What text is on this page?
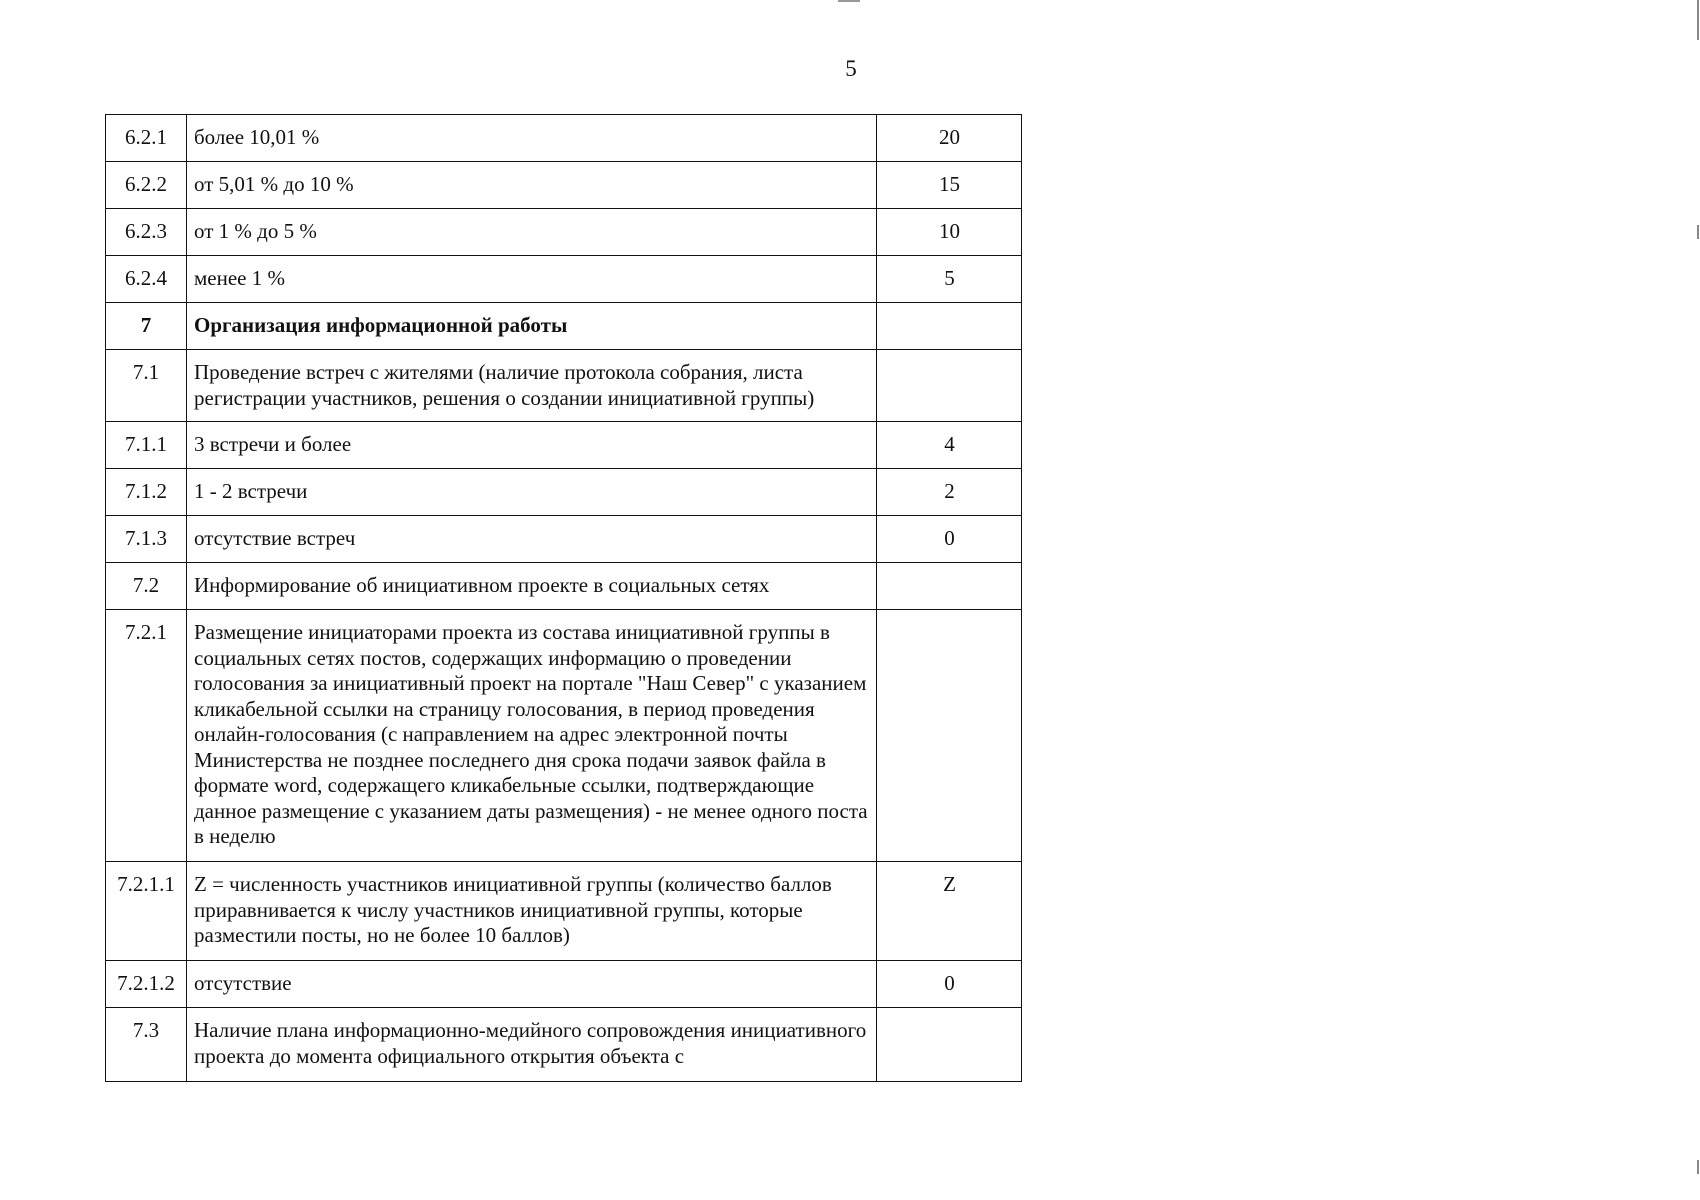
5
6.2.1	более 10,01 %	20
6.2.2	от 5,01 % до 10 %	15
6.2.3	от 1 % до 5 %	10
6.2.4	менее 1 %	5
7	Организация информационной работы	
7.1	Проведение встреч с жителями (наличие протокола собрания, листа регистрации участников, решения о создании инициативной группы)	
7.1.1	3 встречи и более	4
7.1.2	1 - 2 встречи	2
7.1.3	отсутствие встреч	0
7.2	Информирование об инициативном проекте в социальных сетях	
7.2.1	Размещение инициаторами проекта из состава инициативной группы в социальных сетях постов, содержащих информацию о проведении голосования за инициативный проект на портале "Наш Север" с указанием кликабельной ссылки на страницу голосования, в период проведения онлайн-голосования (с направлением на адрес электронной почты Министерства не позднее последнего дня срока подачи заявок файла в формате word, содержащего кликабельные ссылки, подтверждающие данное размещение с указанием даты размещения) - не менее одного поста в неделю	
7.2.1.1	Z = численность участников инициативной группы (количество баллов приравнивается к числу участников инициативной группы, которые разместили посты, но не более 10 баллов)	Z
7.2.1.2	отсутствие	0
7.3	Наличие плана информационно-медийного сопровождения инициативного проекта до момента официального открытия объекта с	
